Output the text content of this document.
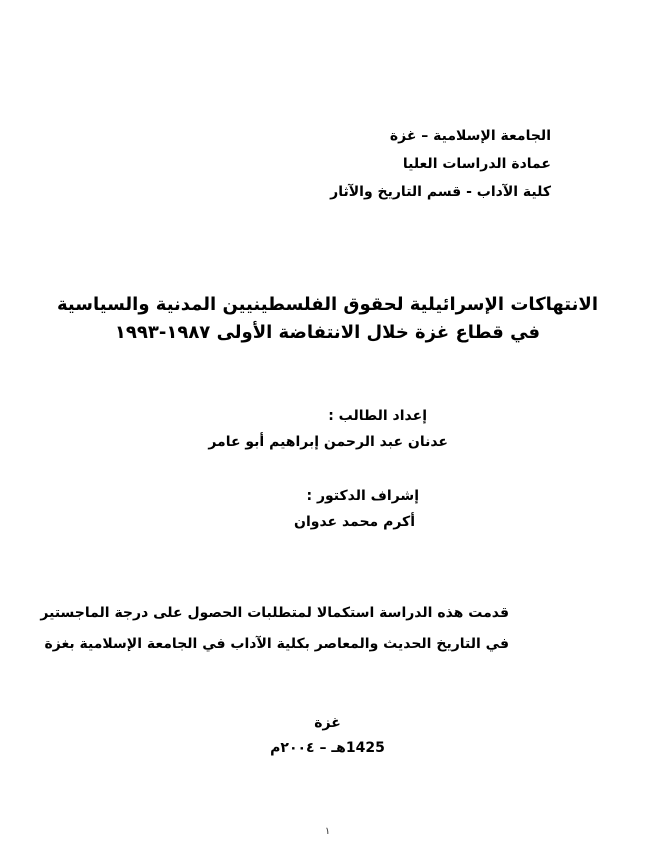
الجامعة الإسلامية – غزة
عمادة الدراسات العليا
كلية الآداب - قسم التاريخ والآثار
الانتهاكات الإسرائيلية لحقوق الفلسطينيين المدنية والسياسية
في قطاع غزة خلال الانتفاضة الأولى ١٩٨٧-١٩٩٣
إعداد الطالب :
عدنان عبد الرحمن إبراهيم أبو عامر
إشراف الدكتور :
أكرم محمد عدوان
قدمت هذه الدراسة استكمالا لمتطلبات الحصول على درجة الماجستير
في التاريخ الحديث والمعاصر بكلية الآداب في الجامعة الإسلامية بغزة
غزة
1425هـ – ٢٠٠٤م
١
